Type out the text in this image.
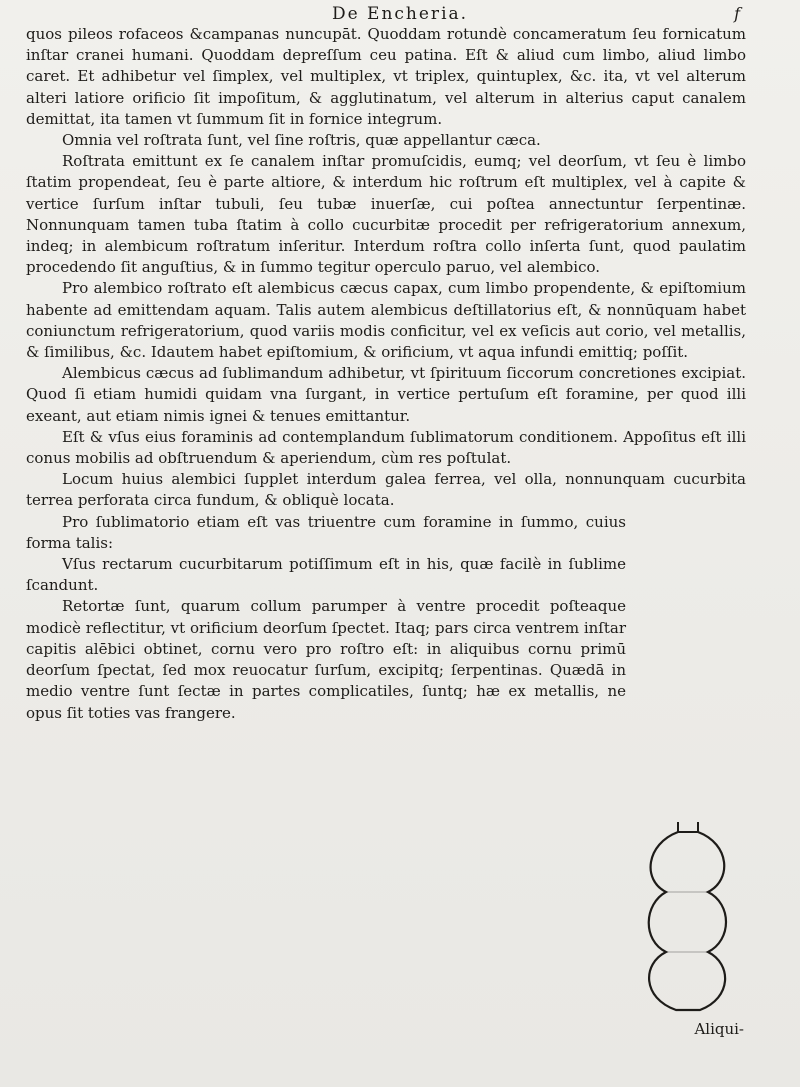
De Encheria.	f

quos pileos rofaceos &campanas nuncupāt. Quoddam rotundè concameratum ſeu fornicatum inſtar cranei humani. Quoddam depreſſum ceu patina. Eſt & aliud cum limbo, aliud limbo caret. Et adhibetur vel ſimplex, vel multiplex, vt triplex, quintuplex, &c. ita, vt vel alterum alteri latiore orificio ſit impoſitum, & agglutinatum, vel alterum in alterius caput canalem demittat, ita tamen vt ſummum ſit in fornice integrum.

Omnia vel roſtrata ſunt, vel ſine roſtris, quæ appellantur cæca.

Roſtrata emittunt ex ſe canalem inſtar promuſcidis, eumq; vel deorſum, vt ſeu è limbo ſtatim propendeat, ſeu è parte altiore, & interdum hic roſtrum eſt multiplex, vel à capite & vertice ſurſum inſtar tubuli, ſeu tubæ inuerſæ, cui poſtea annectuntur ſerpentinæ. Nonnunquam tamen tuba ſtatim à collo cucurbitæ procedit per refrigeratorium annexum, indeq; in alembicum roſtratum inſeritur. Interdum roſtra collo inſerta ſunt, quod paulatim procedendo ſit anguſtius, & in ſummo tegitur operculo paruo, vel alembico.

Pro alembico roſtrato eſt alembicus cæcus capax, cum limbo propendente, & epiſtomium habente ad emittendam aquam. Talis autem alembicus deſtillatorius eſt, & nonnūquam habet coniunctum refrigeratorium, quod variis modis conficitur, vel ex veſicis aut corio, vel metallis, & ſimilibus, &c. Idautem habet epiſtomium, & orificium, vt aqua infundi emittiq; poſſit.

Alembicus cæcus ad ſublimandum adhibetur, vt ſpirituum ſiccorum concretiones excipiat. Quod ſi etiam humidi quidam vna ſurgant, in vertice pertuſum eſt foramine, per quod illi exeant, aut etiam nimis ignei & tenues emittantur.

Eſt & vſus eius foraminis ad contemplandum ſublimatorum conditionem. Appoſitus eſt illi conus mobilis ad obſtruendum & aperiendum, cùm res poſtulat.

Locum huius alembici ſupplet interdum galea ferrea, vel olla, nonnunquam cucurbita terrea perforata circa fundum, & obliquè locata.

Pro ſublimatorio etiam eſt vas triuentre cum foramine in ſummo, cuius forma talis:

Vſus rectarum cucurbitarum potiſſimum eſt in his, quæ facilè in ſublime ſcandunt.

Retortæ ſunt, quarum collum parumper à ventre procedit poſteaque modicè reflectitur, vt orificium deorſum ſpectet. Itaq; pars circa ventrem inſtar capitis alēbici obtinet, cornu vero pro roſtro eſt: in aliquibus cornu primū deorſum ſpectat, ſed mox reuocatur ſurſum, excipitq; ſerpentinas. Quædā in medio ventre ſunt ſectæ in partes complicatiles, ſuntq; hæ ex metallis, ne opus ſit toties vas frangere.

Aliqui-
